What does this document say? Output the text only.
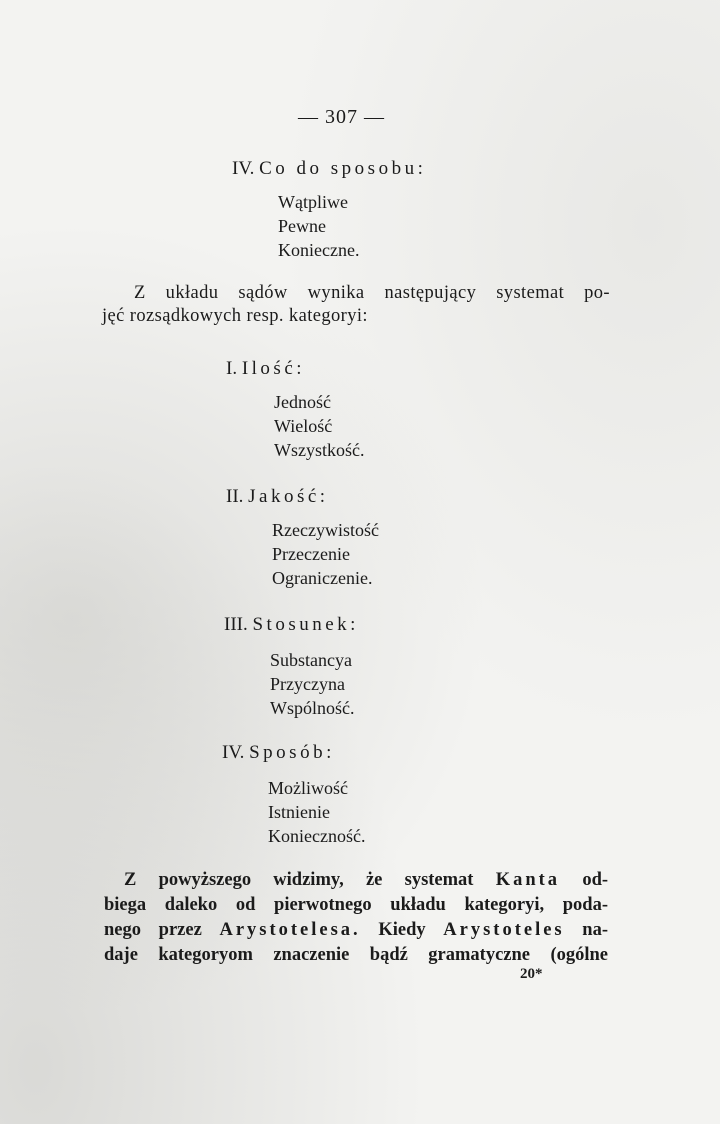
— 307 —
IV. Co do sposobu:
Wątpliwe
Pewne
Konieczne.
Z układu sądów wynika następujący systemat po-
jęć rozsądkowych resp. kategoryi:
I. Ilość:
Jedność
Wielość
Wszystkość.
II. Jakość:
Rzeczywistość
Przeczenie
Ograniczenie.
III. Stosunek:
Substancya
Przyczyna
Wspólność.
IV. Sposób:
Możliwość
Istnienie
Konieczność.
Z powyższego widzimy, że systemat Kanta od-
biega daleko od pierwotnego układu kategoryi, poda-
nego przez Arystotelesa. Kiedy Arystoteles na-
daje kategoryom znaczenie bądź gramatyczne (ogólne
20*
